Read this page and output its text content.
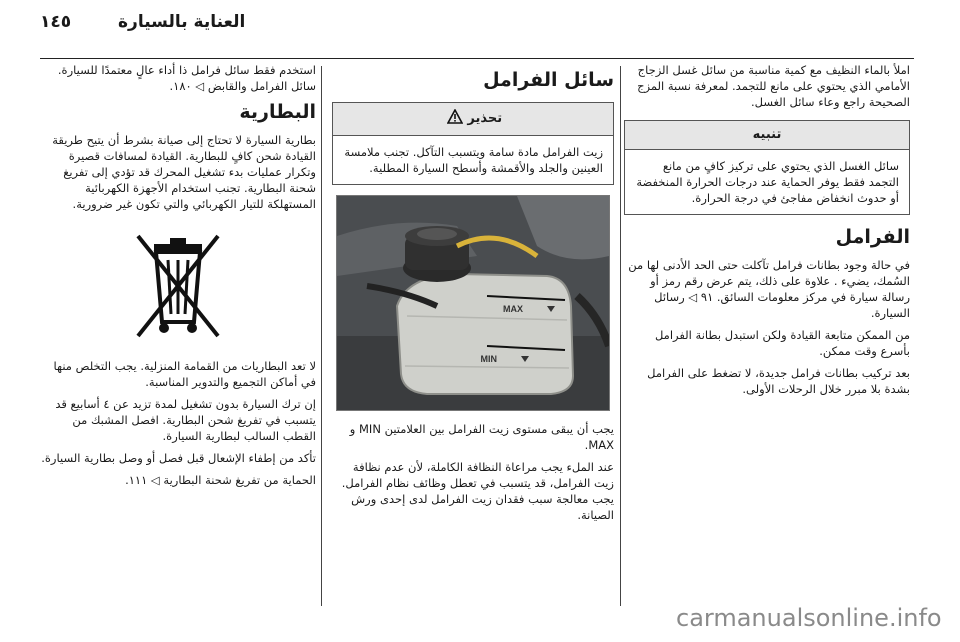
١٤٥	العناية بالسيارة

املأ بالماء النظيف مع كمية مناسبة من سائل غسل الزجاج الأمامي الذي يحتوي على مانع للتجمد. لمعرفة نسبة المزج الصحيحة راجع وعاء سائل الغسل.

تنبيه
سائل الغسل الذي يحتوي على تركيز كافٍ من مانع التجمد فقط يوفر الحماية عند درجات الحرارة المنخفضة أو حدوث انخفاض مفاجئ في درجة الحرارة.
الفرامل

في حالة وجود بطانات فرامل تآكلت حتى الحد الأدنى لها من السُمك، يضيء . علاوة على ذلك، يتم عرض رقم رمز أو رسالة سيارة في مركز معلومات السائق. ٩١ ◁ رسائل السيارة.

من الممكن متابعة القيادة ولكن استبدل بطانة الفرامل بأسرع وقت ممكن.

بعد تركيب بطانات فرامل جديدة، لا تضغط على الفرامل بشدة بلا مبرر خلال الرحلات الأولى.

سائل الفرامل
تحذير
زيت الفرامل مادة سامة ويتسبب التآكل. تجنب ملامسة العينين والجلد والأقمشة وأسطح السيارة المطلية.
MAX
MIN

يجب أن يبقى مستوى زيت الفرامل بين العلامتين MIN و MAX.

عند الملء يجب مراعاة النظافة الكاملة، لأن عدم نظافة زيت الفرامل، قد يتسبب في تعطل وظائف نظام الفرامل. يجب معالجة سبب فقدان زيت الفرامل لدى إحدى ورش الصيانة.

استخدم فقط سائل فرامل ذا أداء عالٍ معتمدًا للسيارة. سائل الفرامل والقابض ◁ ١٨٠.

البطارية

بطارية السيارة لا تحتاج إلى صيانة بشرط أن يتيح طريقة القيادة شحن كافٍ للبطارية. القيادة لمسافات قصيرة وتكرار عمليات بدء تشغيل المحرك قد تؤدي إلى تفريغ شحنة البطارية. تجنب استخدام الأجهزة الكهربائية المستهلكة للتيار الكهربائي والتي تكون غير ضرورية.

لا تعد البطاريات من القمامة المنزلية. يجب التخلص منها في أماكن التجميع والتدوير المناسبة.

إن ترك السيارة بدون تشغيل لمدة تزيد عن ٤ أسابيع قد يتسبب في تفريغ شحن البطارية. افصل المشبك من القطب السالب لبطارية السيارة.

تأكد من إطفاء الإشعال قبل فصل أو وصل بطارية السيارة.

الحماية من تفريغ شحنة البطارية ◁ ١١١.

carmanualsonline.info
